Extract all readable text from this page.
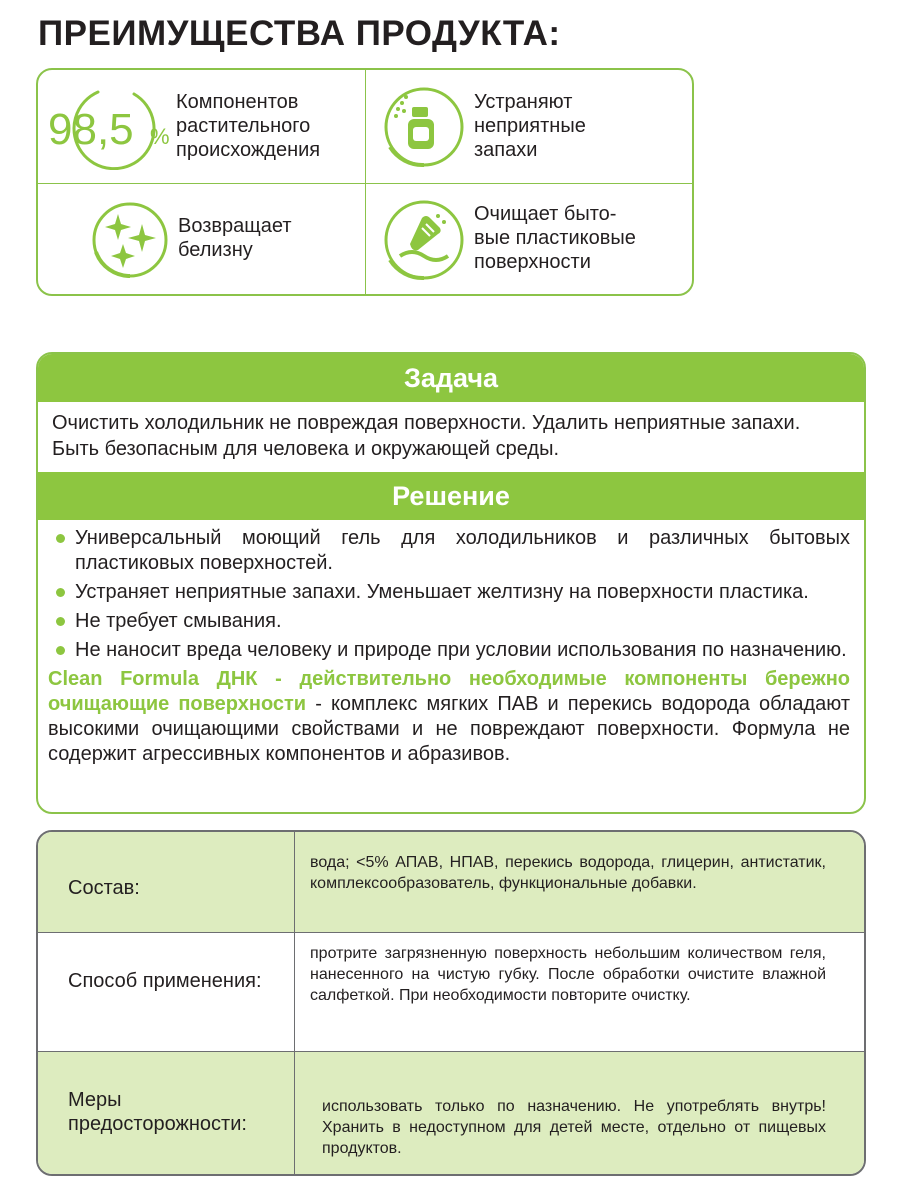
ПРЕИМУЩЕСТВА ПРОДУКТА:
98,5 %
Компонентов
растительного
происхождения
Устраняют
неприятные
запахи
Возвращает
белизну
Очищает быто-
вые пластиковые
поверхности
Задача
Очистить холодильник не повреждая поверхности. Удалить неприятные запахи. Быть безопасным для человека и окружающей среды.
Решение
Универсальный моющий гель для холодильников и различных бытовых пластиковых поверхностей.
Устраняет неприятные запахи. Уменьшает желтизну на поверхности пластика.
Не требует смывания.
Не наносит вреда человеку и природе при условии использования по назначению.
Clean Formula ДНК - действительно необходимые компоненты бережно очищающие поверхности - комплекс мягких ПАВ и перекись водорода обладают высокими очищающими свойствами и не повреждают поверхности. Формула не содержит агрессивных компонентов и абразивов.
Состав:
вода; <5% АПАВ, НПАВ, перекись водорода, глицерин, антистатик, комплексообразователь, функциональные добавки.
Способ применения:
протрите загрязненную поверхность небольшим количеством геля, нанесенного на чистую губку. После обработки очистите влажной салфеткой. При необходимости повторите очистку.
Меры предосторожности:
использовать только по назначению. Не употреблять внутрь! Хранить в недоступном для детей месте, отдельно от пищевых продуктов.
